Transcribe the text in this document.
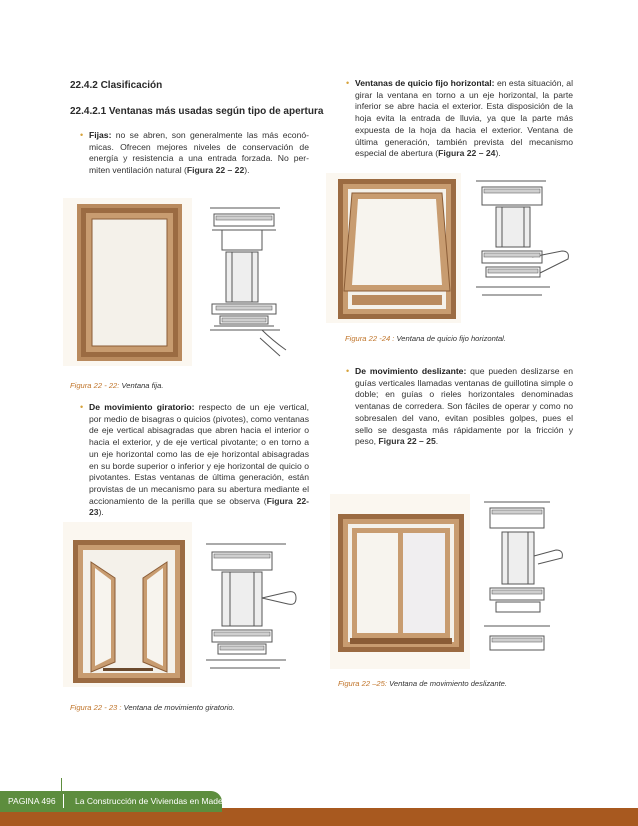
22.4.2 Clasificación
22.4.2.1 Ventanas más usadas según tipo de apertura
• Fijas: no se abren, son generalmente las más econó-micas. Ofrecen mejores niveles de conservación de energía y resistencia a una entrada forzada. No per-miten ventilación natural (Figura 22 – 22).
Figura 22 - 22: Ventana fija.
• De movimiento giratorio: respecto de un eje vertical, por medio de bisagras o quicios (pivotes), como ventanas de eje vertical abisagradas que abren hacia el interior o hacia el exterior, y de eje vertical pivotante; o en torno a un eje horizontal como las de eje horizontal abisagradas en su borde superior o inferior y eje horizontal de quicio o pivotantes. Estas ventanas de última generación, están provistas de un mecanismo para su abertura mediante el accionamiento de la perilla que se observa (Figura 22- 23).
Figura 22 - 23 : Ventana de movimiento giratorio.
• Ventanas de quicio fijo horizontal: en esta situación, al girar la ventana en torno a un eje horizontal, la parte inferior se abre hacia el exterior. Esta disposición de la hoja evita la entrada de lluvia, ya que la parte más expuesta de la hoja da hacia el exterior. Ventana de última generación, también prevista del mecanismo especial de abertura (Figura 22 – 24).
Figura 22 -24 : Ventana de quicio fijo horizontal.
• De movimiento deslizante: que pueden deslizarse en guías verticales llamadas ventanas de guillotina simple o doble; en guías o rieles horizontales denominadas ventanas de corredera. Son fáciles de operar y como no sobresalen del vano, evitan posibles golpes, pues el sello se desgasta más rápidamente por la fricción y peso, Figura 22 – 25.
Figura 22 –25: Ventana de movimiento deslizante.
PAGINA 496 La Construcción de Viviendas en Madera
